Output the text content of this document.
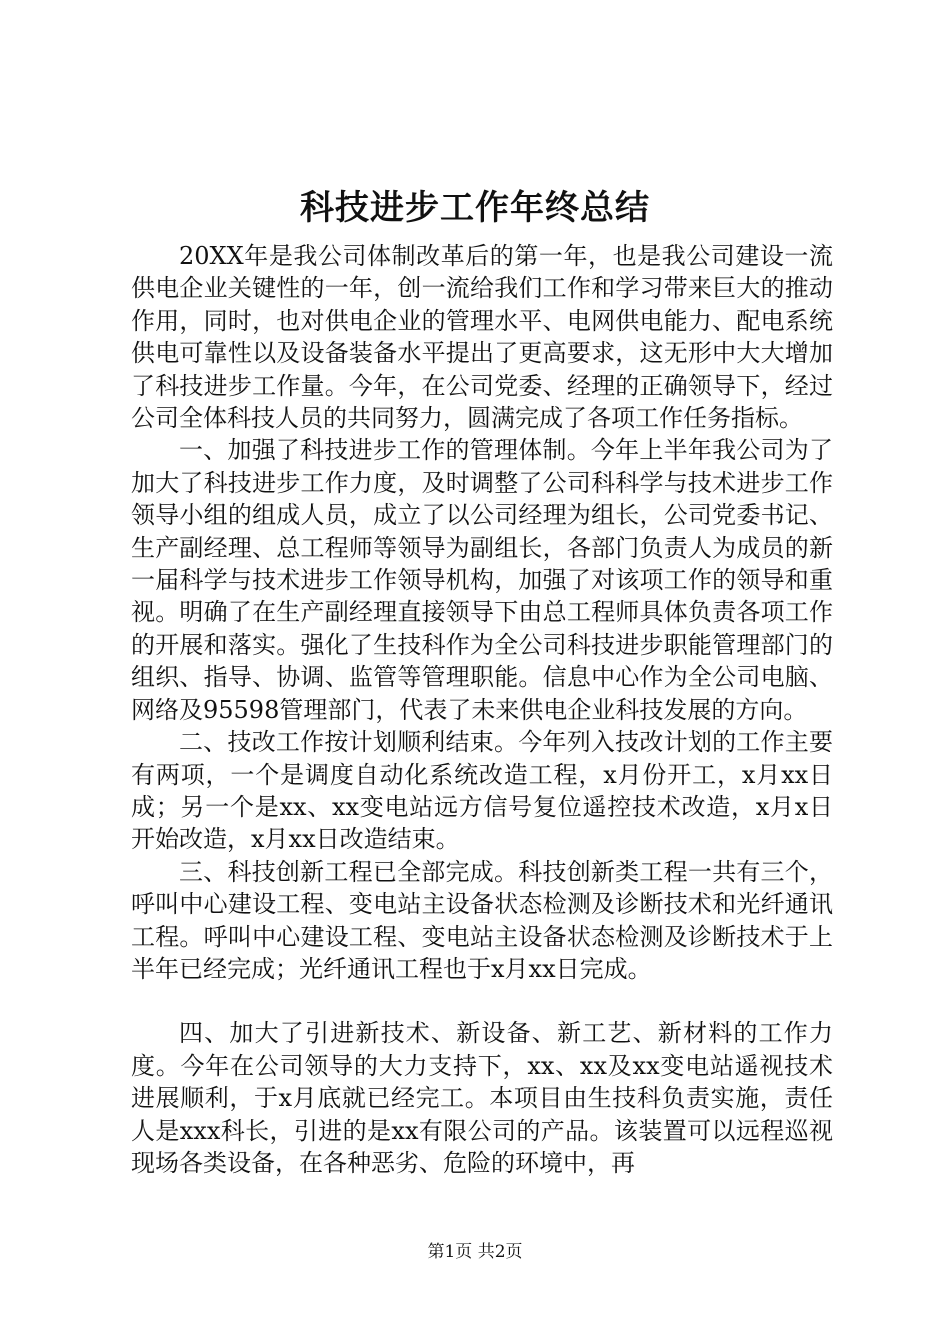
科技进步工作年终总结

20XX年是我公司体制改革后的第一年，也是我公司建设一流供电企业关键性的一年，创一流给我们工作和学习带来巨大的推动作用，同时，也对供电企业的管理水平、电网供电能力、配电系统供电可靠性以及设备装备水平提出了更高要求，这无形中大大增加了科技进步工作量。今年，在公司党委、经理的正确领导下，经过公司全体科技人员的共同努力，圆满完成了各项工作任务指标。

一、加强了科技进步工作的管理体制。今年上半年我公司为了加大了科技进步工作力度，及时调整了公司科科学与技术进步工作领导小组的组成人员，成立了以公司经理为组长，公司党委书记、生产副经理、总工程师等领导为副组长，各部门负责人为成员的新一届科学与技术进步工作领导机构，加强了对该项工作的领导和重视。明确了在生产副经理直接领导下由总工程师具体负责各项工作的开展和落实。强化了生技科作为全公司科技进步职能管理部门的组织、指导、协调、监管等管理职能。信息中心作为全公司电脑、网络及95598管理部门，代表了未来供电企业科技发展的方向。

二、技改工作按计划顺利结束。今年列入技改计划的工作主要有两项，一个是调度自动化系统改造工程，x月份开工，x月xx日成；另一个是xx、xx变电站远方信号复位遥控技术改造，x月x日开始改造，x月xx日改造结束。

三、科技创新工程已全部完成。科技创新类工程一共有三个，呼叫中心建设工程、变电站主设备状态检测及诊断技术和光纤通讯工程。呼叫中心建设工程、变电站主设备状态检测及诊断技术于上半年已经完成；光纤通讯工程也于x月xx日完成。

四、加大了引进新技术、新设备、新工艺、新材料的工作力度。今年在公司领导的大力支持下，xx、xx及xx变电站遥视技术进展顺利，于x月底就已经完工。本项目由生技科负责实施，责任人是xxx科长，引进的是xx有限公司的产品。该装置可以远程巡视现场各类设备，在各种恶劣、危险的环境中，再

第1页 共2页
